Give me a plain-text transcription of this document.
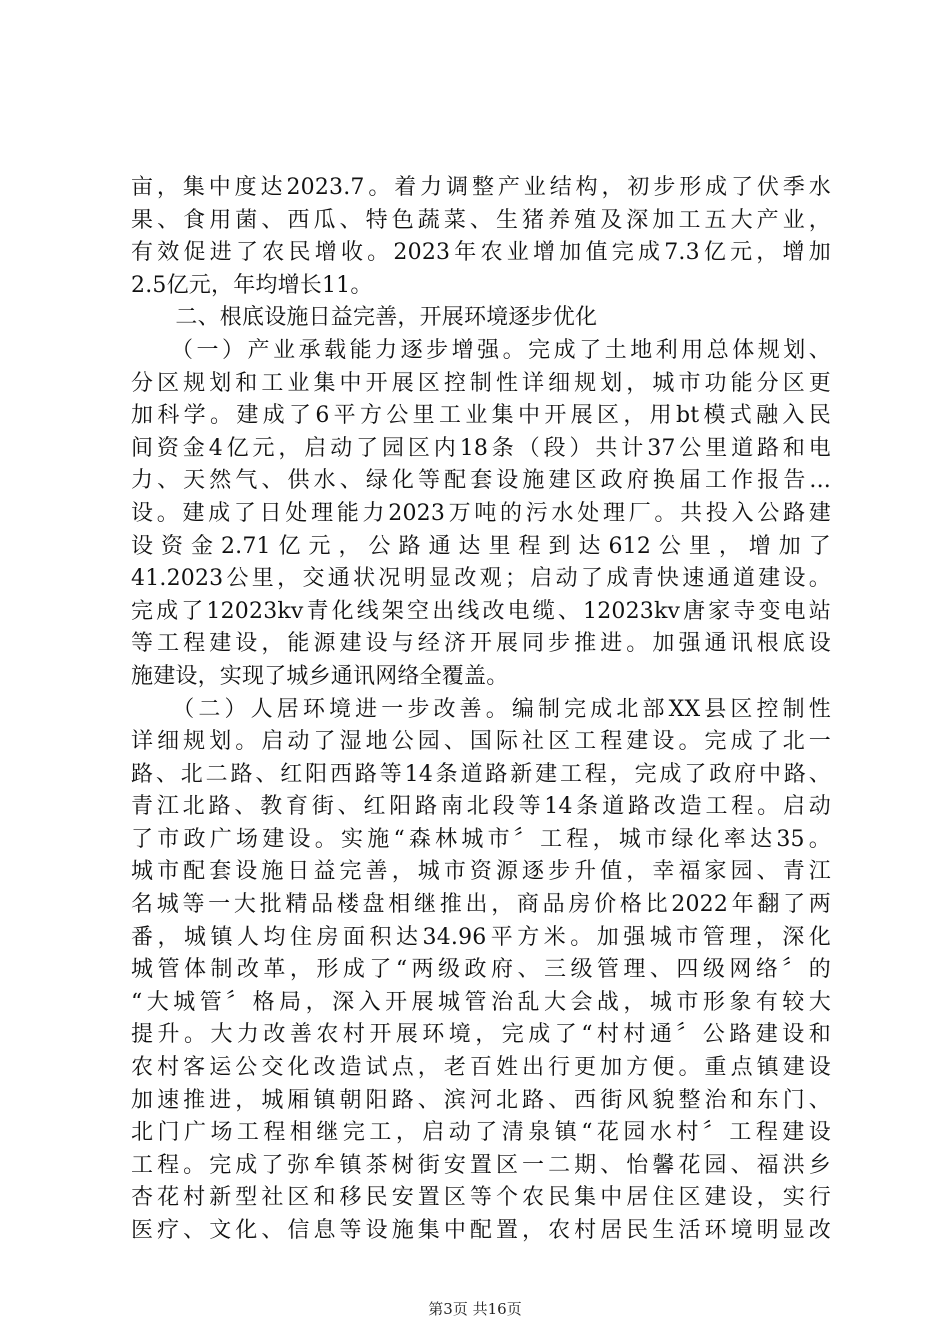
亩，集中度达2023.7。着力调整产业结构，初步形成了伏季水
果、食用菌、西瓜、特色蔬菜、生猪养殖及深加工五大产业，
有效促进了农民增收。2023年农业增加值完成7.3亿元，增加
2.5亿元，年均增长11。
　　二、根底设施日益完善，开展环境逐步优化
　　（一）产业承载能力逐步增强。完成了土地利用总体规划、
分区规划和工业集中开展区控制性详细规划，城市功能分区更
加科学。建成了6平方公里工业集中开展区，用bt模式融入民
间资金4亿元，启动了园区内18条（段）共计37公里道路和电
力、天然气、供水、绿化等配套设施建区政府换届工作报告...
设。建成了日处理能力2023万吨的污水处理厂。共投入公路建
设资金2.71亿元，公路通达里程到达612公里，增加了
41.2023公里，交通状况明显改观；启动了成青快速通道建设。
完成了12023kv青化线架空出线改电缆、12023kv唐家寺变电站
等工程建设，能源建设与经济开展同步推进。加强通讯根底设
施建设，实现了城乡通讯网络全覆盖。
　　（二）人居环境进一步改善。编制完成北部XX县区控制性
详细规划。启动了湿地公园、国际社区工程建设。完成了北一
路、北二路、红阳西路等14条道路新建工程，完成了政府中路、
青江北路、教育街、红阳路南北段等14条道路改造工程。启动
了市政广场建设。实施“森林城市〞工程，城市绿化率达35。
城市配套设施日益完善，城市资源逐步升值，幸福家园、青江
名城等一大批精品楼盘相继推出，商品房价格比2022年翻了两
番，城镇人均住房面积达34.96平方米。加强城市管理，深化
城管体制改革，形成了“两级政府、三级管理、四级网络〞的
“大城管〞格局，深入开展城管治乱大会战，城市形象有较大
提升。大力改善农村开展环境，完成了“村村通〞公路建设和
农村客运公交化改造试点，老百姓出行更加方便。重点镇建设
加速推进，城厢镇朝阳路、滨河北路、西街风貌整治和东门、
北门广场工程相继完工，启动了清泉镇“花园水村〞工程建设
工程。完成了弥牟镇茶树街安置区一二期、怡馨花园、福洪乡
杏花村新型社区和移民安置区等个农民集中居住区建设，实行
医疗、文化、信息等设施集中配置，农村居民生活环境明显改
第3页 共16页
